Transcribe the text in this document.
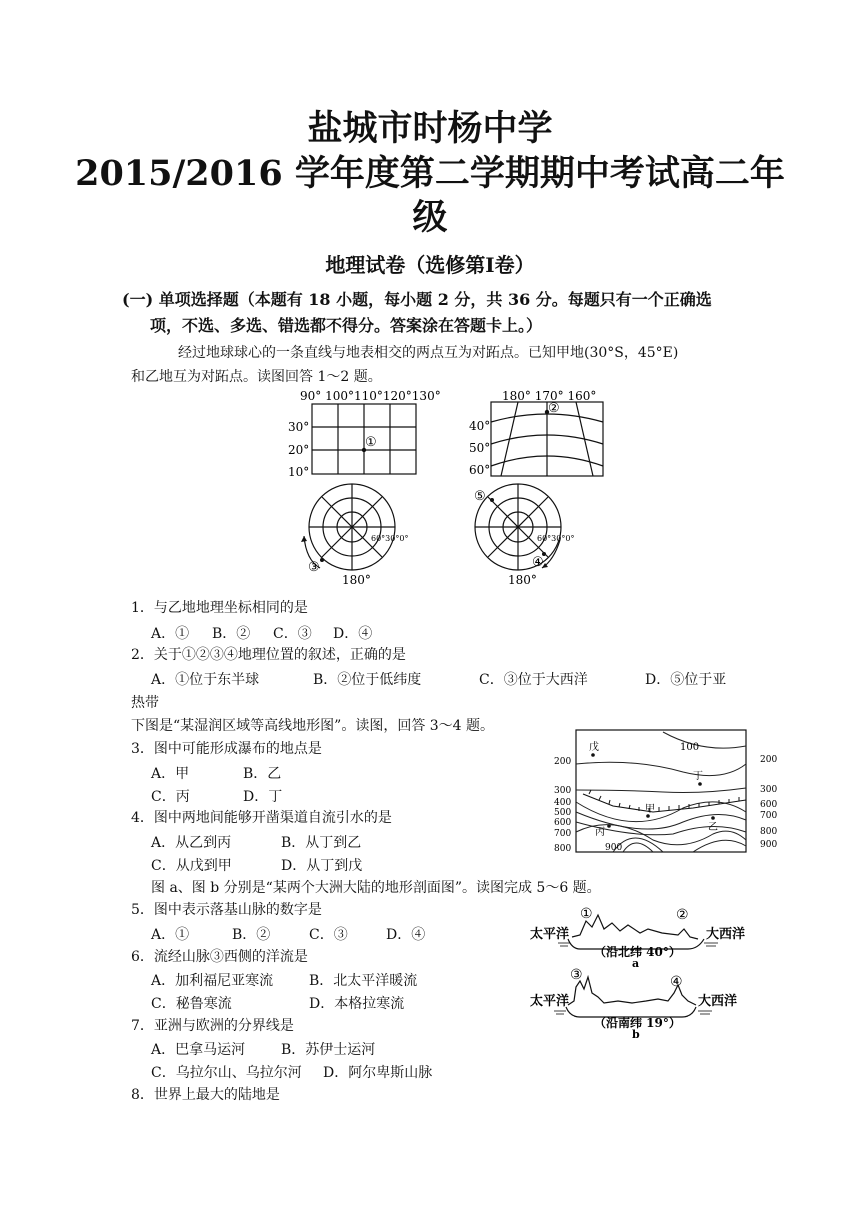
盐城市时杨中学
2015/2016 学年度第二学期期中考试高二年
级
地理试卷（选修第Ⅰ卷）
(一) 单项选择题（本题有 18 小题，每小题 2 分，共 36 分。每题只有一个正确选
项，不选、多选、错选都不得分。答案涂在答题卡上。）
经过地球球心的一条直线与地表相交的两点互为对跖点。已知甲地(30°S，45°E)
和乙地互为对跖点。读图回答 1～2 题。
90° 100°110°120°130°
30°
20°
10°
①
180° 170° 160°
40°
50°
60°
②
60°30°0°
③
180°
60°30°0°
⑤
④
180°
1．与乙地地理坐标相同的是
A．① B．② C．③ D．④
2．关于①②③④地理位置的叙述，正确的是
A．①位于东半球	B．②位于低纬度	C．③位于大西洋	D．⑤位于亚
热带
下图是“某湿润区域等高线地形图”。读图，回答 3～4 题。
3．图中可能形成瀑布的地点是
A．甲	B．乙
C．丙	D．丁
4．图中两地间能够开凿渠道自流引水的是
A．从乙到丙	B．从丁到乙
C．从戊到甲	D．从丁到戊
100
200
300
400
500
600
700
800
200
300
600
700
800
900
900
戊
丁
甲
乙
丙
图 a、图 b 分别是“某两个大洲大陆的地形剖面图”。读图完成 5～6 题。
5．图中表示落基山脉的数字是
A．①	B．②	C．③	D．④
6．流经山脉③西侧的洋流是
A．加利福尼亚寒流	B．北太平洋暖流
C．秘鲁寒流	D．本格拉寒流
7．亚洲与欧洲的分界线是
A．巴拿马运河	B．苏伊士运河
C．乌拉尔山、乌拉尔河 D．阿尔卑斯山脉
8．世界上最大的陆地是
太平洋	大西洋
①	②
（沿北纬 40°）
a
太平洋	大西洋
③	④
（沿南纬 19°）
b
